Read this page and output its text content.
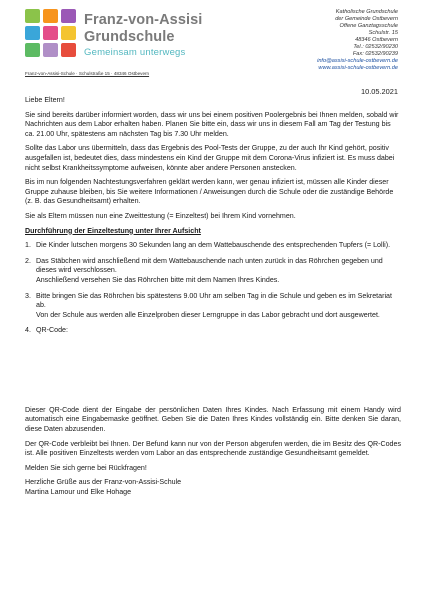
Franz-von-Assisi
Grundschule
Gemeinsam unterwegs
Katholische Grundschule
der Gemeinde Ostbevern
Offene Ganztagsschule
Schulstr. 15
48346 Ostbevern
Tel.: 02532/90230
Fax: 02532/90239
info@assisi-schule-ostbevern.de
www.assisi-schule-ostbevern.de
Franz-von-Assisi-Schule · Schulstraße 15 · 48346 Ostbevern
10.05.2021

Liebe Eltern!

Sie sind bereits darüber informiert worden, dass wir uns bei einem positiven Poolergebnis bei Ihnen melden, sobald wir Nachrichten aus dem Labor erhalten haben. Planen Sie bitte ein, dass wir uns in diesem Fall am Tag der Testung bis ca. 21.00 Uhr, spätestens am nächsten Tag bis 7.30 Uhr melden.

Sollte das Labor uns übermitteln, dass das Ergebnis des Pool-Tests der Gruppe, zu der auch Ihr Kind gehört, positiv ausgefallen ist, bedeutet dies, dass mindestens ein Kind der Gruppe mit dem Corona-Virus infiziert ist. Es muss dabei nicht selbst Krankheitssymptome aufweisen, könnte aber andere Personen anstecken.

Bis im nun folgenden Nachtestungsverfahren geklärt werden kann, wer genau infiziert ist, müssen alle Kinder dieser Gruppe zuhause bleiben, bis Sie weitere Informationen / Anweisungen durch die Schule oder die zuständige Behörde (z. B. das Gesundheitsamt) erhalten.

Sie als Eltern müssen nun eine Zweittestung (= Einzeltest) bei Ihrem Kind vornehmen.

Durchführung der Einzeltestung unter Ihrer Aufsicht
1. Die Kinder lutschen morgens 30 Sekunden lang an dem Wattebauschende des entsprechenden Tupfers (= Lolli).
2. Das Stäbchen wird anschließend mit dem Wattebauschende nach unten zurück in das Röhrchen gegeben und dieses wird verschlossen.
Anschließend versehen Sie das Röhrchen bitte mit dem Namen Ihres Kindes.
3. Bitte bringen Sie das Röhrchen bis spätestens 9.00 Uhr am selben Tag in die Schule und geben es im Sekretariat ab.
Von der Schule aus werden alle Einzelproben dieser Lerngruppe in das Labor gebracht und dort ausgewertet.
4. QR-Code:

Dieser QR-Code dient der Eingabe der persönlichen Daten Ihres Kindes. Nach Erfassung mit einem Handy wird automatisch eine Eingabemaske geöffnet. Geben Sie die Daten Ihres Kindes vollständig ein. Bitte denken Sie daran, diese Daten abzusenden.

Der QR-Code verbleibt bei Ihnen. Der Befund kann nur von der Person abgerufen werden, die im Besitz des QR-Codes ist. Alle positiven Einzeltests werden vom Labor an das entsprechende zuständige Gesundheitsamt gemeldet.

Melden Sie sich gerne bei Rückfragen!

Herzliche Grüße aus der Franz-von-Assisi-Schule
Martina Lamour und Elke Hohage
